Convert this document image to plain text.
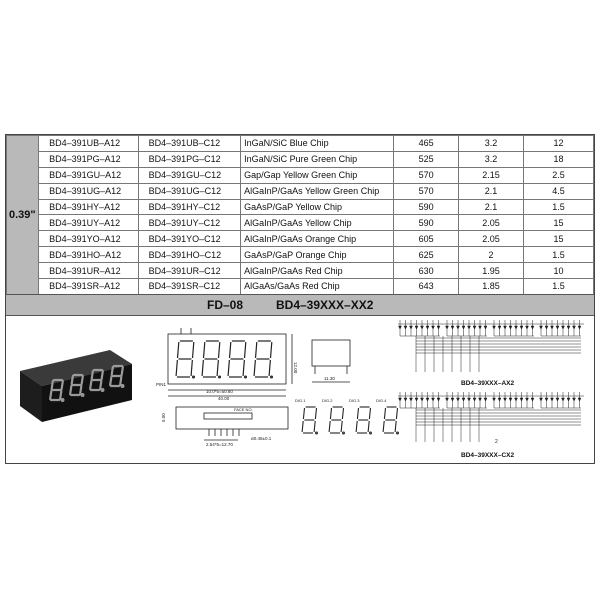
0.39"	BD4–391UB–A12	BD4–391UB–C12	InGaN/SiC Blue Chip	465	3.2	12
	BD4–391PG–A12	BD4–391PG–C12	InGaN/SiC Pure Green Chip	525	3.2	18
	BD4–391GU–A12	BD4–391GU–C12	Gap/Gap Yellow Green Chip	570	2.15	2.5
	BD4–391UG–A12	BD4–391UG–C12	AlGaInP/GaAs Yellow Green Chip	570	2.1	4.5
	BD4–391HY–A12	BD4–391HY–C12	GaAsP/GaP Yellow Chip	590	2.1	1.5
	BD4–391UY–A12	BD4–391UY–C12	AlGaInP/GaAs Yellow Chip	590	2.05	15
	BD4–391YO–A12	BD4–391YO–C12	AlGaInP/GaAs Orange Chip	605	2.05	15
	BD4–391HO–A12	BD4–391HO–C12	GaAsP/GaP Orange Chip	625	2	1.5
	BD4–391UR–A12	BD4–391UR–C12	AlGaInP/GaAs Red Chip	630	1.95	10
	BD4–391SR–A12	BD4–391SR–C12	AlGaAs/GaAs Red Chip	643	1.85	1.5
FD–08	BD4–39XXX–XX2
10.0*5=50.80
40.00
PIN1
12.00
11.30
FACE NO.
2.54*5=12.70
ø0.46±0.1
5.00
DIG.1	DIG.2	DIG.3	DIG.4
BD4–39XXX–AX2
BD4–39XXX–CX2
2
